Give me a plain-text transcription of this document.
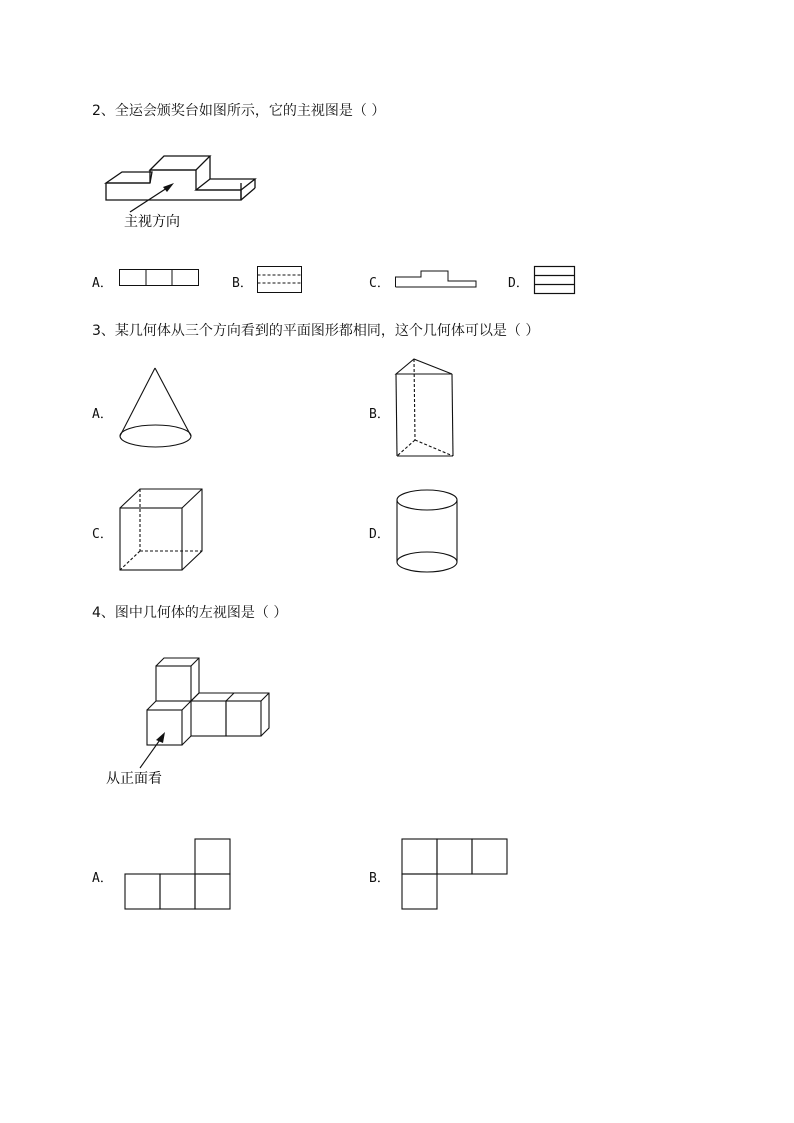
2、全运会颁奖台如图所示，它的主视图是（ ）
主视方向
A．	B．	C．	D．
3、某几何体从三个方向看到的平面图形都相同，这个几何体可以是（ ）
A．	B．
C．	D．
4、图中几何体的左视图是（ ）
从正面看
A．	B．
